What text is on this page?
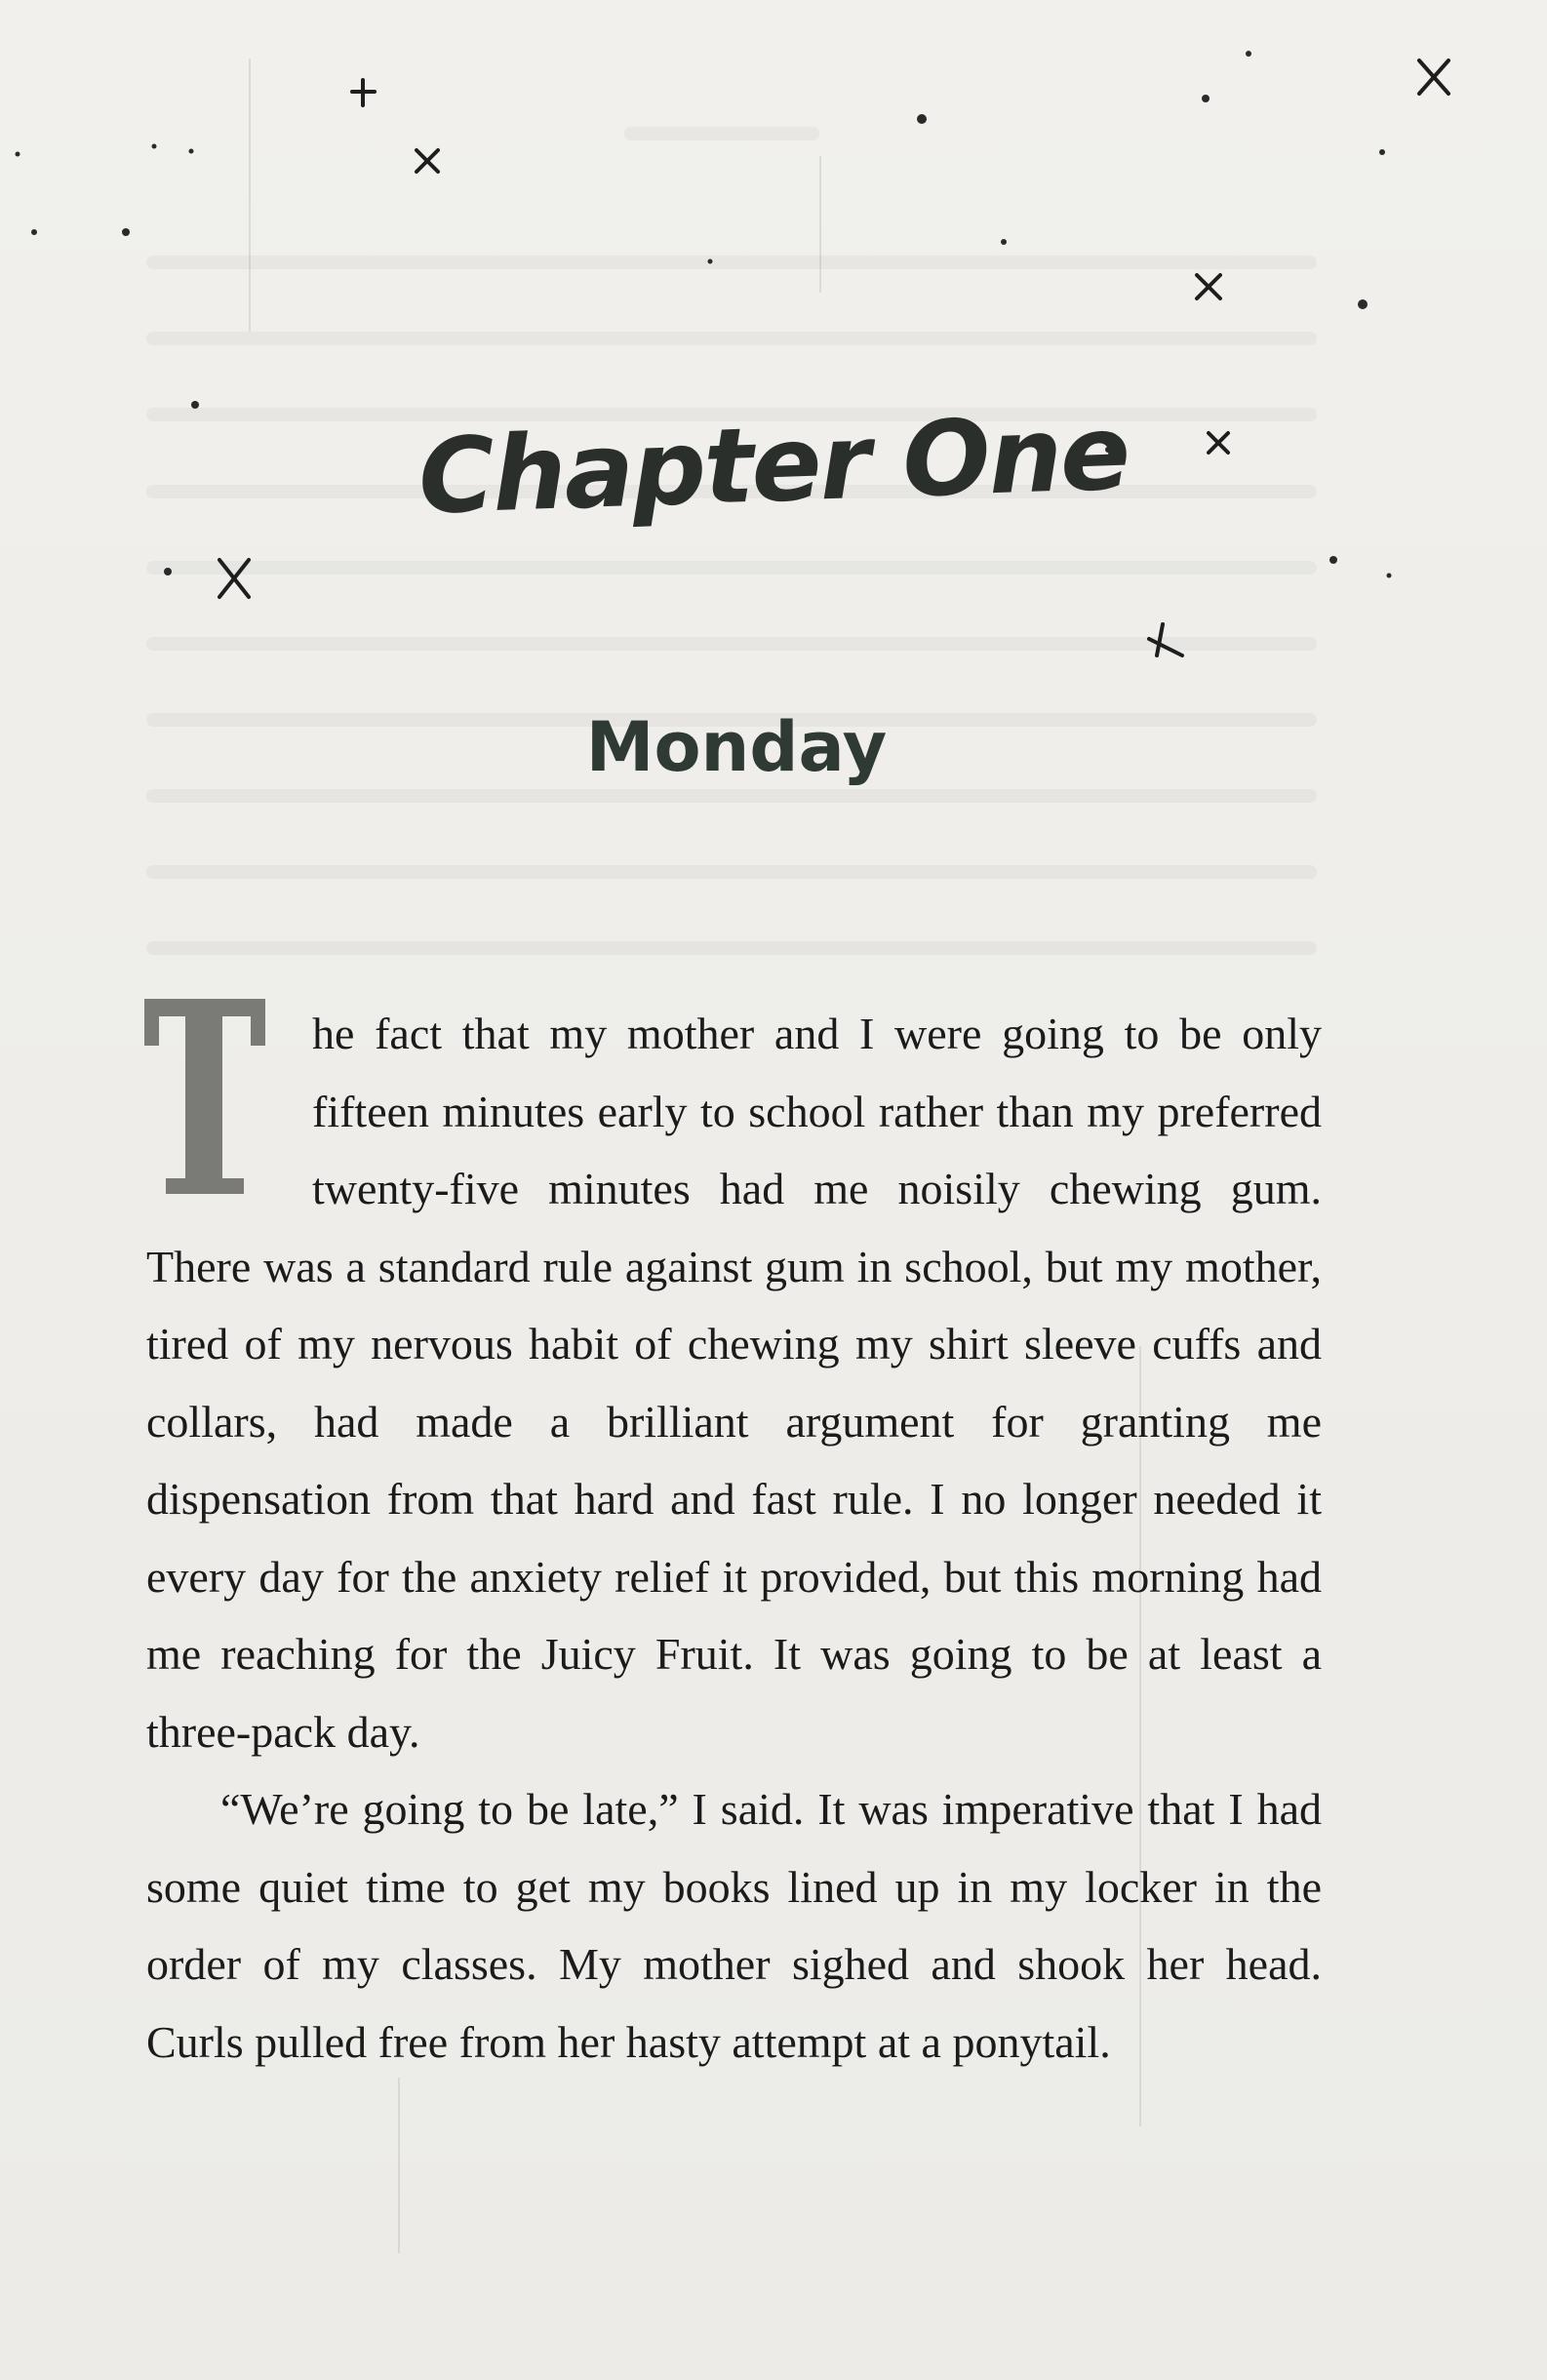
Chapter One
Monday

he fact that my mother and I were going to be only fifteen minutes early to school rather than my preferred twenty-five minutes had me noisily chewing gum. There was a standard rule against gum in school, but my mother, tired of my nervous habit of chewing my shirt sleeve cuffs and collars, had made a brilliant argument for granting me dispensation from that hard and fast rule. I no longer needed it every day for the anxiety relief it provided, but this morning had me reaching for the Juicy Fruit. It was going to be at least a three-pack day.

“We’re going to be late,” I said. It was imperative that I had some quiet time to get my books lined up in my locker in the order of my classes. My mother sighed and shook her head. Curls pulled free from her hasty attempt at a ponytail.
